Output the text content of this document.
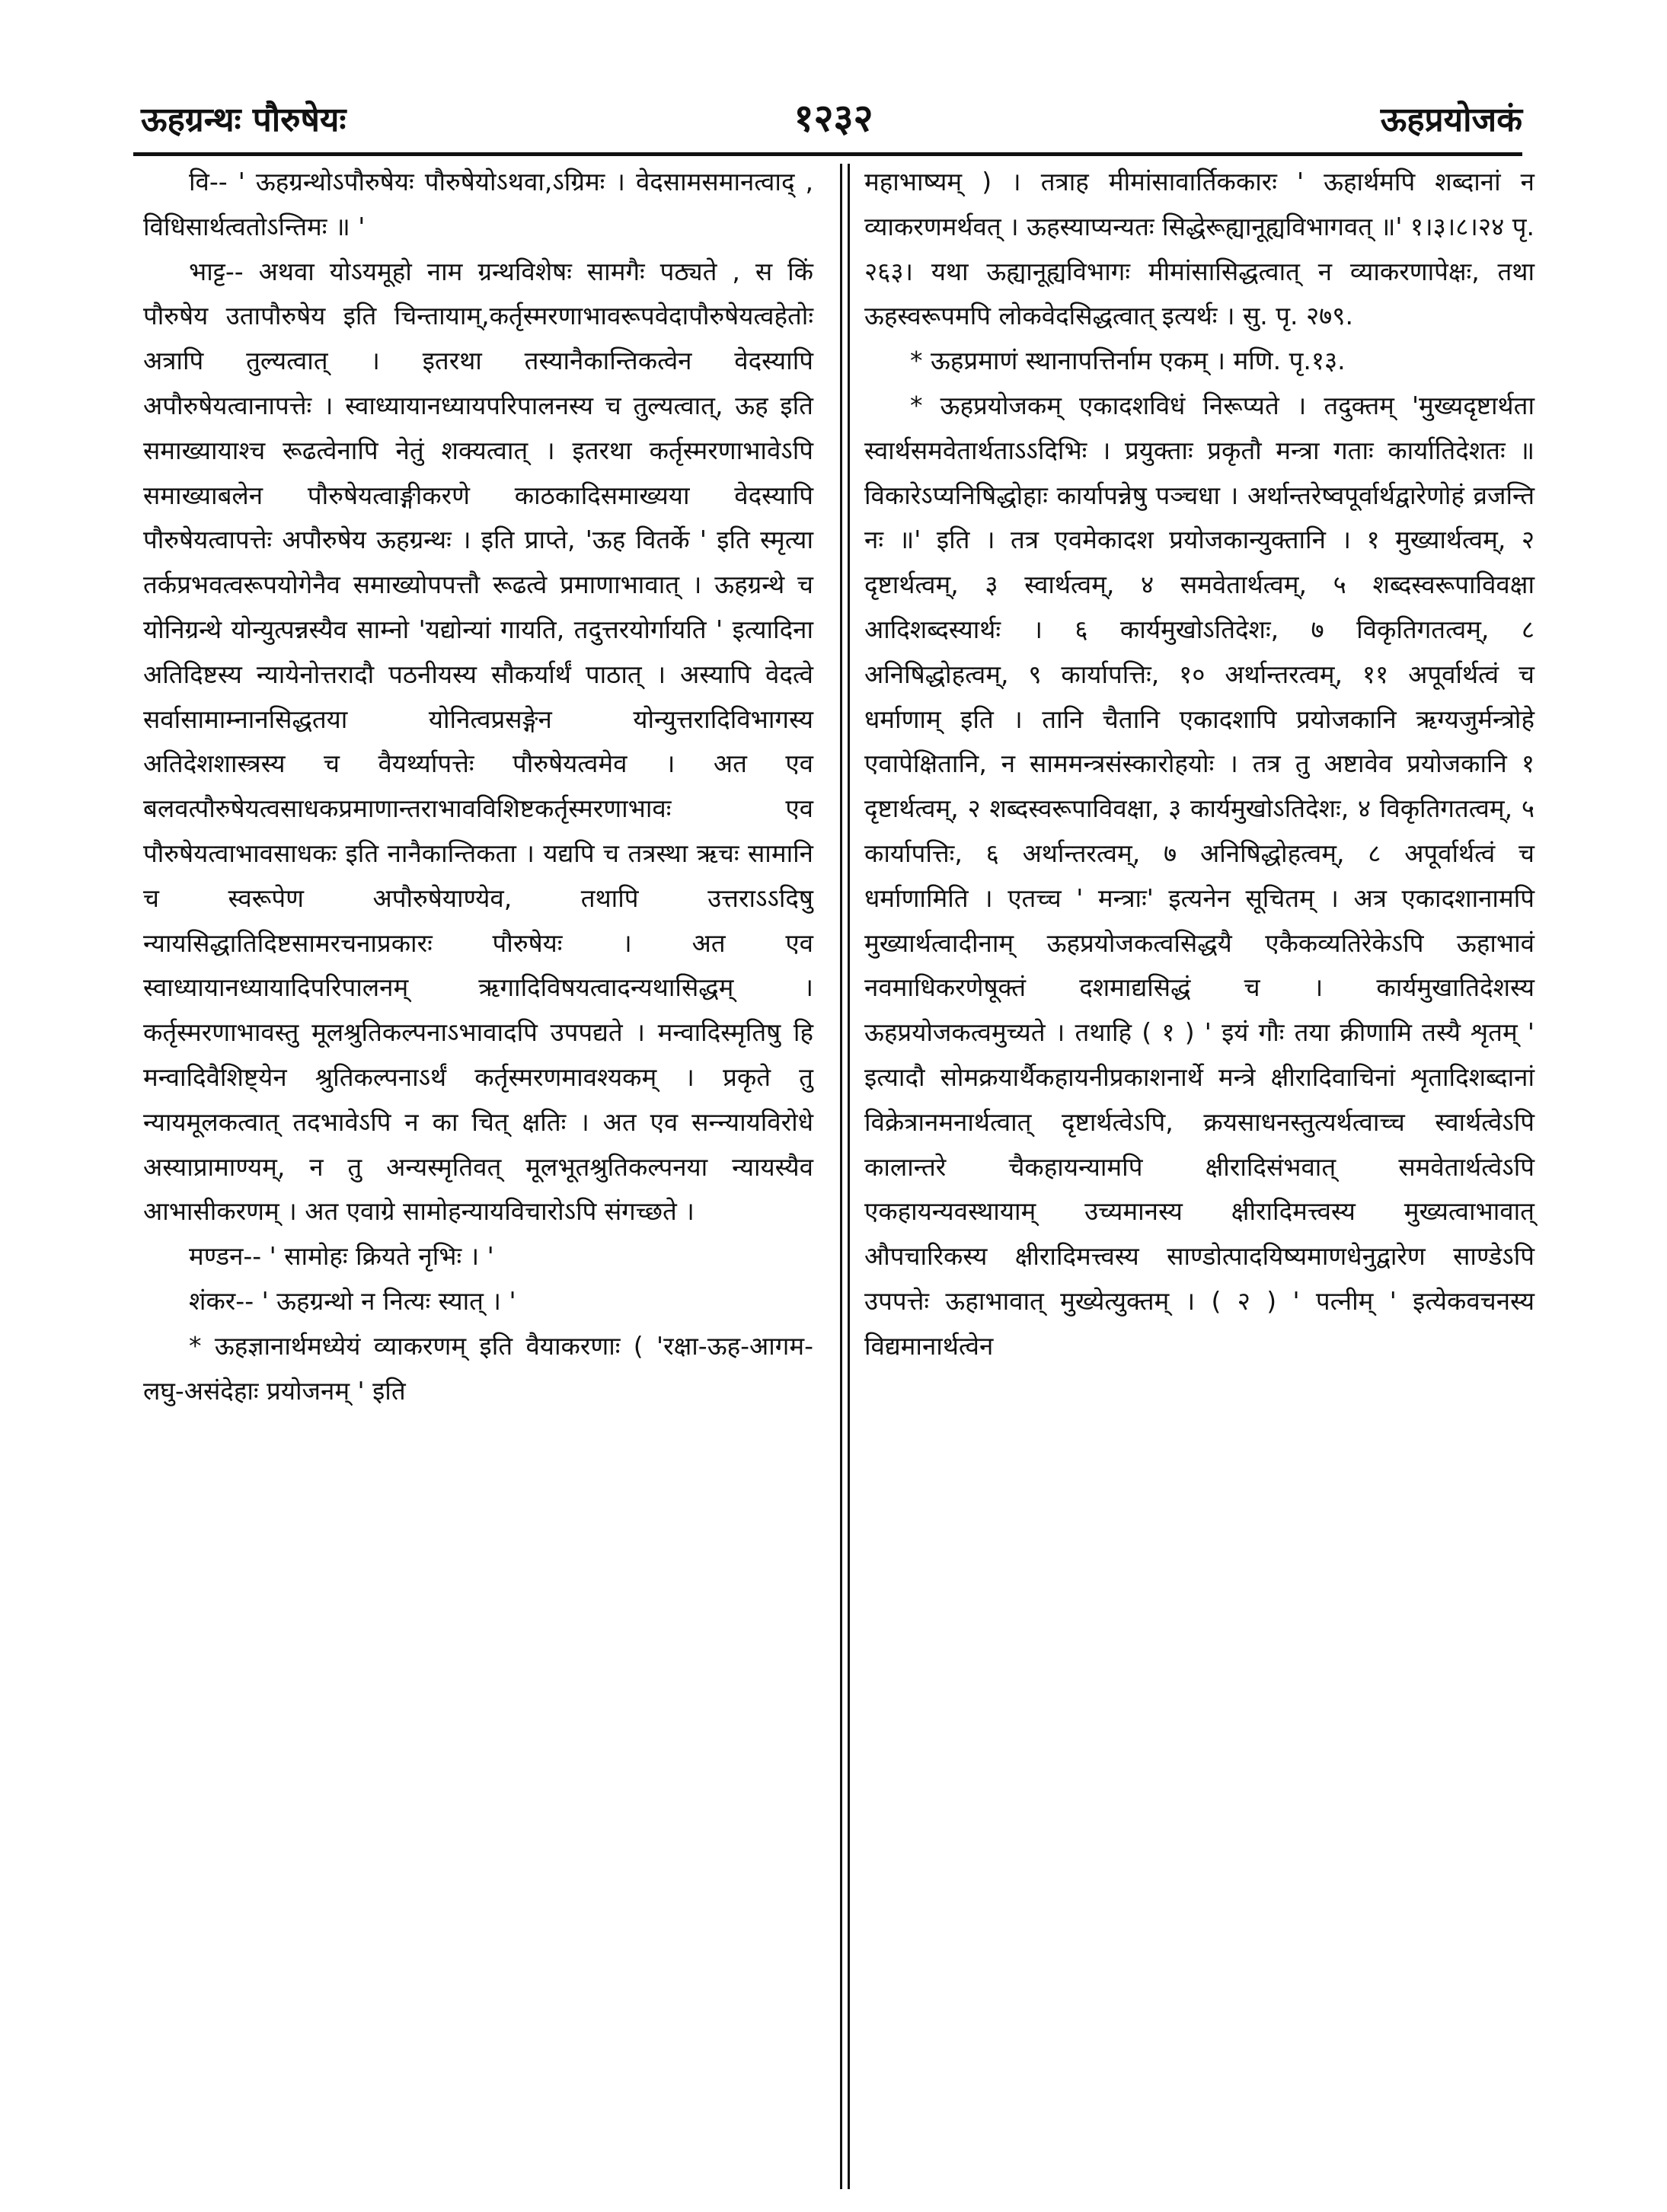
ऊहग्रन्थः पौरुषेयः	१२३२	ऊहप्रयोजकं

वि-- ' ऊहग्रन्थोऽपौरुषेयः पौरुषेयोऽथवा,ऽग्रिमः । वेदसामसमानत्वाद् , विधिसार्थत्वतोऽन्तिमः ॥ '

भाट्ट-- अथवा योऽयमूहो नाम ग्रन्थविशेषः सामगैः पठ्यते , स किं पौरुषेय उतापौरुषेय इति चिन्तायाम्,कर्तृस्मरणाभावरूपवेदापौरुषेयत्वहेतोः अत्रापि तुल्यत्वात् । इतरथा तस्यानैकान्तिकत्वेन वेदस्यापि अपौरुषेयत्वानापत्तेः । स्वाध्यायानध्यायपरिपालनस्य च तुल्यत्वात्, ऊह इति समाख्यायाश्च रूढत्वेनापि नेतुं शक्यत्वात् । इतरथा कर्तृस्मरणाभावेऽपि समाख्याबलेन पौरुषेयत्वाङ्गीकरणे काठकादिसमाख्यया वेदस्यापि पौरुषेयत्वापत्तेः अपौरुषेय ऊहग्रन्थः । इति प्राप्ते, 'ऊह वितर्के ' इति स्मृत्या तर्कप्रभवत्वरूपयोगेनैव समाख्योपपत्तौ रूढत्वे प्रमाणाभावात् । ऊहग्रन्थे च योनिग्रन्थे योन्युत्पन्नस्यैव साम्नो 'यद्योन्यां गायति, तदुत्तरयोर्गायति ' इत्यादिना अतिदिष्टस्य न्यायेनोत्तरादौ पठनीयस्य सौकर्यार्थं पाठात् । अस्यापि वेदत्वे सर्वासामाम्नानसिद्धतया योनित्वप्रसङ्गेन योन्युत्तरादिविभागस्य अतिदेशशास्त्रस्य च वैयर्थ्यापत्तेः पौरुषेयत्वमेव । अत एव बलवत्पौरुषेयत्वसाधकप्रमाणान्तराभावविशिष्टकर्तृस्मरणाभावः एव पौरुषेयत्वाभावसाधकः इति नानैकान्तिकता । यद्यपि च तत्रस्था ऋचः सामानि च स्वरूपेण अपौरुषेयाण्येव, तथापि उत्तराऽऽदिषु न्यायसिद्धातिदिष्टसामरचनाप्रकारः पौरुषेयः । अत एव स्वाध्यायानध्यायादिपरिपालनम् ऋगादिविषयत्वादन्यथासिद्धम् । कर्तृस्मरणाभावस्तु मूलश्रुतिकल्पनाऽभावादपि उपपद्यते । मन्वादिस्मृतिषु हि मन्वादिवैशिष्ट्येन श्रुतिकल्पनाऽर्थं कर्तृस्मरणमावश्यकम् । प्रकृते तु न्यायमूलकत्वात् तदभावेऽपि न का चित् क्षतिः । अत एव सन्न्यायविरोधे अस्याप्रामाण्यम्, न तु अन्यस्मृतिवत् मूलभूतश्रुतिकल्पनया न्यायस्यैव आभासीकरणम् । अत एवाग्रे सामोहन्यायविचारोऽपि संगच्छते ।

मण्डन-- ' सामोहः क्रियते नृभिः । '

शंकर-- ' ऊहग्रन्थो न नित्यः स्यात् । '

* ऊहज्ञानार्थमध्येयं व्याकरणम् इति वैयाकरणाः ( 'रक्षा-ऊह-आगम-लघु-असंदेहाः प्रयोजनम् ' इति

महाभाष्यम् ) । तत्राह मीमांसावार्तिककारः ' ऊहार्थमपि शब्दानां न व्याकरणमर्थवत् । ऊहस्याप्यन्यतः सिद्धेरूह्यानूह्यविभागवत् ॥' १।३।८।२४ पृ. २६३। यथा ऊह्यानूह्यविभागः मीमांसासिद्धत्वात् न व्याकरणापेक्षः, तथा ऊहस्वरूपमपि लोकवेदसिद्धत्वात् इत्यर्थः । सु. पृ. २७९.

* ऊहप्रमाणं स्थानापत्तिर्नाम एकम् । मणि. पृ.१३.

* ऊहप्रयोजकम् एकादशविधं निरूप्यते । तदुक्तम् 'मुख्यदृष्टार्थता स्वार्थसमवेतार्थताऽऽदिभिः । प्रयुक्ताः प्रकृतौ मन्त्रा गताः कार्यातिदेशतः ॥ विकारेऽप्यनिषिद्धोहाः कार्यापन्नेषु पञ्चधा । अर्थान्तरेष्वपूर्वार्थद्वारेणोहं व्रजन्ति नः ॥' इति । तत्र एवमेकादश प्रयोजकान्युक्तानि । १ मुख्यार्थत्वम्, २ दृष्टार्थत्वम्, ३ स्वार्थत्वम्, ४ समवेतार्थत्वम्, ५ शब्दस्वरूपाविवक्षा आदिशब्दस्यार्थः । ६ कार्यमुखोऽतिदेशः, ७ विकृतिगतत्वम्, ८ अनिषिद्धोहत्वम्, ९ कार्यापत्तिः, १० अर्थान्तरत्वम्, ११ अपूर्वार्थत्वं च धर्माणाम् इति । तानि चैतानि एकादशापि प्रयोजकानि ऋग्यजुर्मन्त्रोहे एवापेक्षितानि, न साममन्त्रसंस्कारोहयोः । तत्र तु अष्टावेव प्रयोजकानि १ दृष्टार्थत्वम्, २ शब्दस्वरूपाविवक्षा, ३ कार्यमुखोऽतिदेशः, ४ विकृतिगतत्वम्, ५ कार्यापत्तिः, ६ अर्थान्तरत्वम्, ७ अनिषिद्धोहत्वम्, ८ अपूर्वार्थत्वं च धर्माणामिति । एतच्च ' मन्त्राः' इत्यनेन सूचितम् । अत्र एकादशानामपि मुख्यार्थत्वादीनाम् ऊहप्रयोजकत्वसिद्धयै एकैकव्यतिरेकेऽपि ऊहाभावं नवमाधिकरणेषूक्तं दशमाद्यसिद्धं च । कार्यमुखातिदेशस्य ऊहप्रयोजकत्वमुच्यते । तथाहि ( १ ) ' इयं गौः तया क्रीणामि तस्यै शृतम् ' इत्यादौ सोमक्रयार्थैकहायनीप्रकाशनार्थे मन्त्रे क्षीरादिवाचिनां शृतादिशब्दानां विक्रेत्रानमनार्थत्वात् दृष्टार्थत्वेऽपि, क्रयसाधनस्तुत्यर्थत्वाच्च स्वार्थत्वेऽपि कालान्तरे चैकहायन्यामपि क्षीरादिसंभवात् समवेतार्थत्वेऽपि एकहायन्यवस्थायाम् उच्यमानस्य क्षीरादिमत्त्वस्य मुख्यत्वाभावात् औपचारिकस्य क्षीरादिमत्त्वस्य साण्डोत्पादयिष्यमाणधेनुद्वारेण साण्डेऽपि उपपत्तेः ऊहाभावात् मुख्येत्युक्तम् । ( २ ) ' पत्नीम् ' इत्येकवचनस्य विद्यमानार्थत्वेन
